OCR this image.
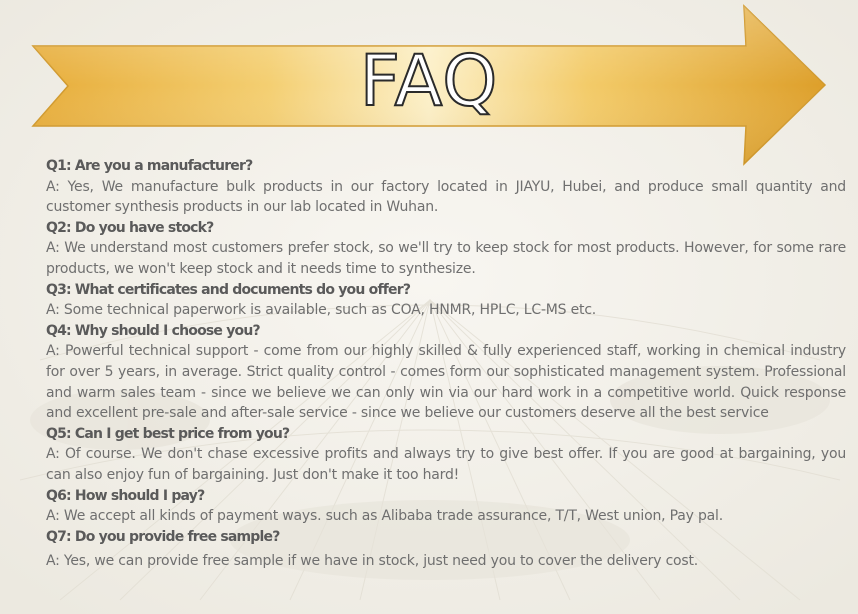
FAQ
Q1: Are you a manufacturer?
A: Yes, We manufacture bulk products in our factory located in JIAYU, Hubei, and produce small quantity and customer synthesis products in our lab located in Wuhan.
Q2: Do you have stock?
A: We understand most customers prefer stock, so we'll try to keep stock for most products. However, for some rare products, we won't keep stock and it needs time to synthesize.
Q3: What certificates and documents do you offer?
A: Some technical paperwork is available, such as COA, HNMR, HPLC, LC-MS etc.
Q4: Why should I choose you?
A: Powerful technical support - come from our highly skilled & fully experienced staff, working in chemical industry for over 5 years, in average. Strict quality control - comes form our sophisticated management system. Professional and warm sales team - since we believe we can only win via our hard work in a competitive world. Quick response and excellent pre-sale and after-sale service - since we believe our customers deserve all the best service
Q5: Can I get best price from you?
A: Of course. We don't chase excessive profits and always try to give best offer. If you are good at bargaining, you can also enjoy fun of bargaining. Just don't make it too hard!
Q6: How should I pay?
A: We accept all kinds of payment ways. such as Alibaba trade assurance, T/T, West union, Pay pal.
Q7: Do you provide free sample?
A: Yes, we can provide free sample if we have in stock, just need you to cover the delivery cost.
